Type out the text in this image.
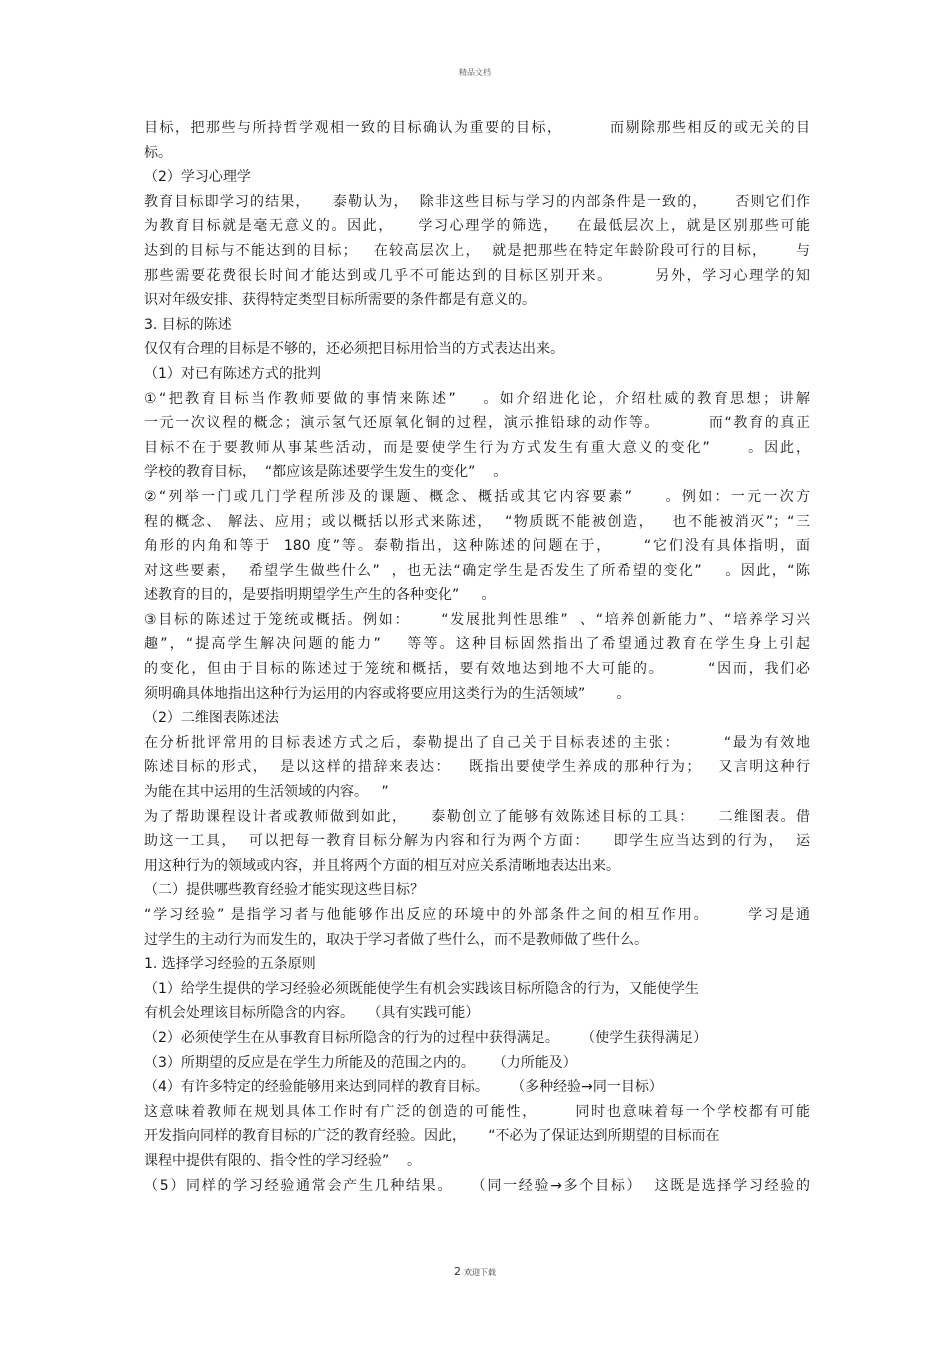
精品文档
目标，把那些与所持哲学观相一致的目标确认为重要的目标，        而剔除那些相反的或无关的目
标。
（2）学习心理学
教育目标即学习的结果，    泰勒认为，  除非这些目标与学习的内部条件是一致的，     否则它们作
为教育目标就是毫无意义的。因此，    学习心理学的筛选，   在最低层次上，就是区别那些可能
达到的目标与不能达到的目标；   在较高层次上，  就是把那些在特定年龄阶段可行的目标，     与
那些需要花费很长时间才能达到或几乎不可能达到的目标区别开来。       另外，学习心理学的知
识对年级安排、获得特定类型目标所需要的条件都是有意义的。
3. 目标的陈述
仅仅有合理的目标是不够的，还必须把目标用恰当的方式表达出来。
（1）对已有陈述方式的批判
①“把教育目标当作教师要做的事情来陈述”    。如介绍进化论，介绍杜威的教育思想；讲解
一元一次议程的概念；演示氢气还原氧化铜的过程，演示推铅球的动作等。        而“教育的真正
目标不在于要教师从事某些活动，而是要使学生行为方式发生有重大意义的变化”      。因此，
学校的教育目标，  “都应该是陈述要学生发生的变化”    。
②“列举一门或几门学程所涉及的课题、概念、概括或其它内容要素”     。例如：一元一次方
程的概念、 解法、应用；或以概括以形式来陈述，  “物质既不能被创造，   也不能被消灭”；“三
角形的内角和等于  180 度”等。泰勒指出，这种陈述的问题在于，     “它们没有具体指明，面
对这些要素，  希望学生做些什么”  ，也无法“确定学生是否发生了所希望的变化”    。因此，“陈
述教育的目的，是要指明期望学生产生的各种变化”     。
③目标的陈述过于笼统或概括。例如：     “发展批判性思维”  、“培养创新能力”、“培养学习兴
趣”，“提高学生解决问题的能力”    等等。这种目标固然指出了希望通过教育在学生身上引起
的变化，但由于目标的陈述过于笼统和概括，要有效地达到地不大可能的。       “因而，我们必
须明确具体地指出这种行为运用的内容或将要应用这类行为的生活领域”       。
（2）二维图表陈述法
在分析批评常用的目标表述方式之后，泰勒提出了自己关于目标表述的主张：       “最为有效地
陈述目标的形式，  是以这样的措辞来表达：   既指出要使学生养成的那种行为；   又言明这种行
为能在其中运用的生活领域的内容。   ”
为了帮助课程设计者或教师做到如此，    泰勒创立了能够有效陈述目标的工具：    二维图表。借
助这一工具，  可以把每一教育目标分解为内容和行为两个方面：    即学生应当达到的行为，  运
用这种行为的领域或内容，并且将两个方面的相互对应关系清晰地表达出来。
（二）提供哪些教育经验才能实现这些目标？
“学习经验” 是指学习者与他能够作出反应的环境中的外部条件之间的相互作用。      学习是通
过学生的主动行为而发生的，取决于学习者做了些什么，而不是教师做了些什么。
1. 选择学习经验的五条原则
（1）给学生提供的学习经验必须既能使学生有机会实践该目标所隐含的行为，又能使学生
有机会处理该目标所隐含的内容。   （具有实践可能）
（2）必须使学生在从事教育目标所隐含的行为的过程中获得满足。     （使学生获得满足）
（3）所期望的反应是在学生力所能及的范围之内的。    （力所能及）
（4）有许多特定的经验能够用来达到同样的教育目标。     （多种经验→同一目标）
这意味着教师在规划具体工作时有广泛的创造的可能性，      同时也意味着每一个学校都有可能
开发指向同样的教育目标的广泛的教育经验。因此，     “不必为了保证达到所期望的目标而在
课程中提供有限的、指令性的学习经验”    。
（5）同样的学习经验通常会产生几种结果。   （同一经验→多个目标）  这既是选择学习经验的
2 欢迎下载
